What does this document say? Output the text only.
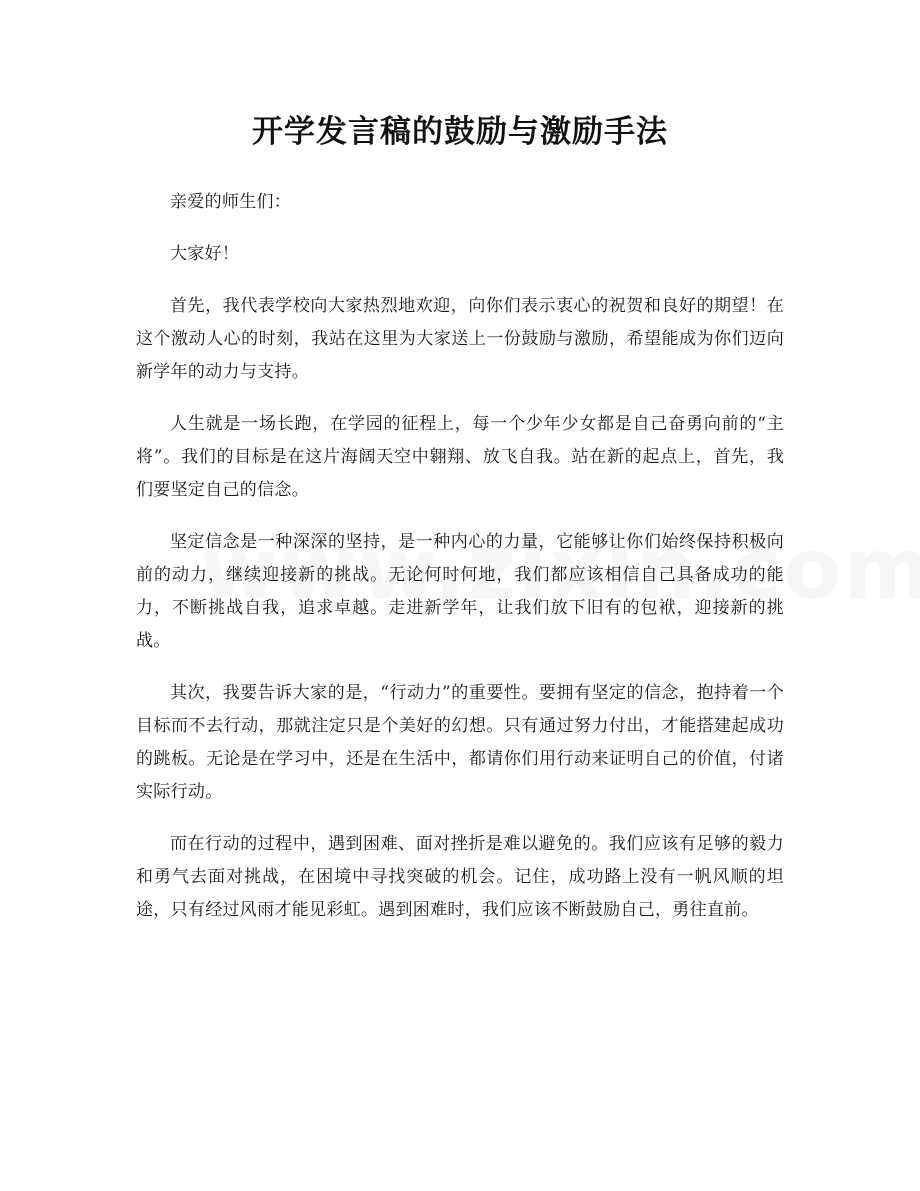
开学发言稿的鼓励与激励手法

亲爱的师生们：

大家好！

首先，我代表学校向大家热烈地欢迎，向你们表示衷心的祝贺和良好的期望！在这个激动人心的时刻，我站在这里为大家送上一份鼓励与激励，希望能成为你们迈向新学年的动力与支持。

人生就是一场长跑，在学园的征程上，每一个少年少女都是自己奋勇向前的“主将”。我们的目标是在这片海阔天空中翱翔、放飞自我。站在新的起点上，首先，我们要坚定自己的信念。

坚定信念是一种深深的坚持，是一种内心的力量，它能够让你们始终保持积极向前的动力，继续迎接新的挑战。无论何时何地，我们都应该相信自己具备成功的能力，不断挑战自我，追求卓越。走进新学年，让我们放下旧有的包袱，迎接新的挑战。

其次，我要告诉大家的是，“行动力”的重要性。要拥有坚定的信念，抱持着一个目标而不去行动，那就注定只是个美好的幻想。只有通过努力付出，才能搭建起成功的跳板。无论是在学习中，还是在生活中，都请你们用行动来证明自己的价值，付诸实际行动。

而在行动的过程中，遇到困难、面对挫折是难以避免的。我们应该有足够的毅力和勇气去面对挑战，在困境中寻找突破的机会。记住，成功路上没有一帆风顺的坦途，只有经过风雨才能见彩虹。遇到困难时，我们应该不断鼓励自己，勇往直前。
